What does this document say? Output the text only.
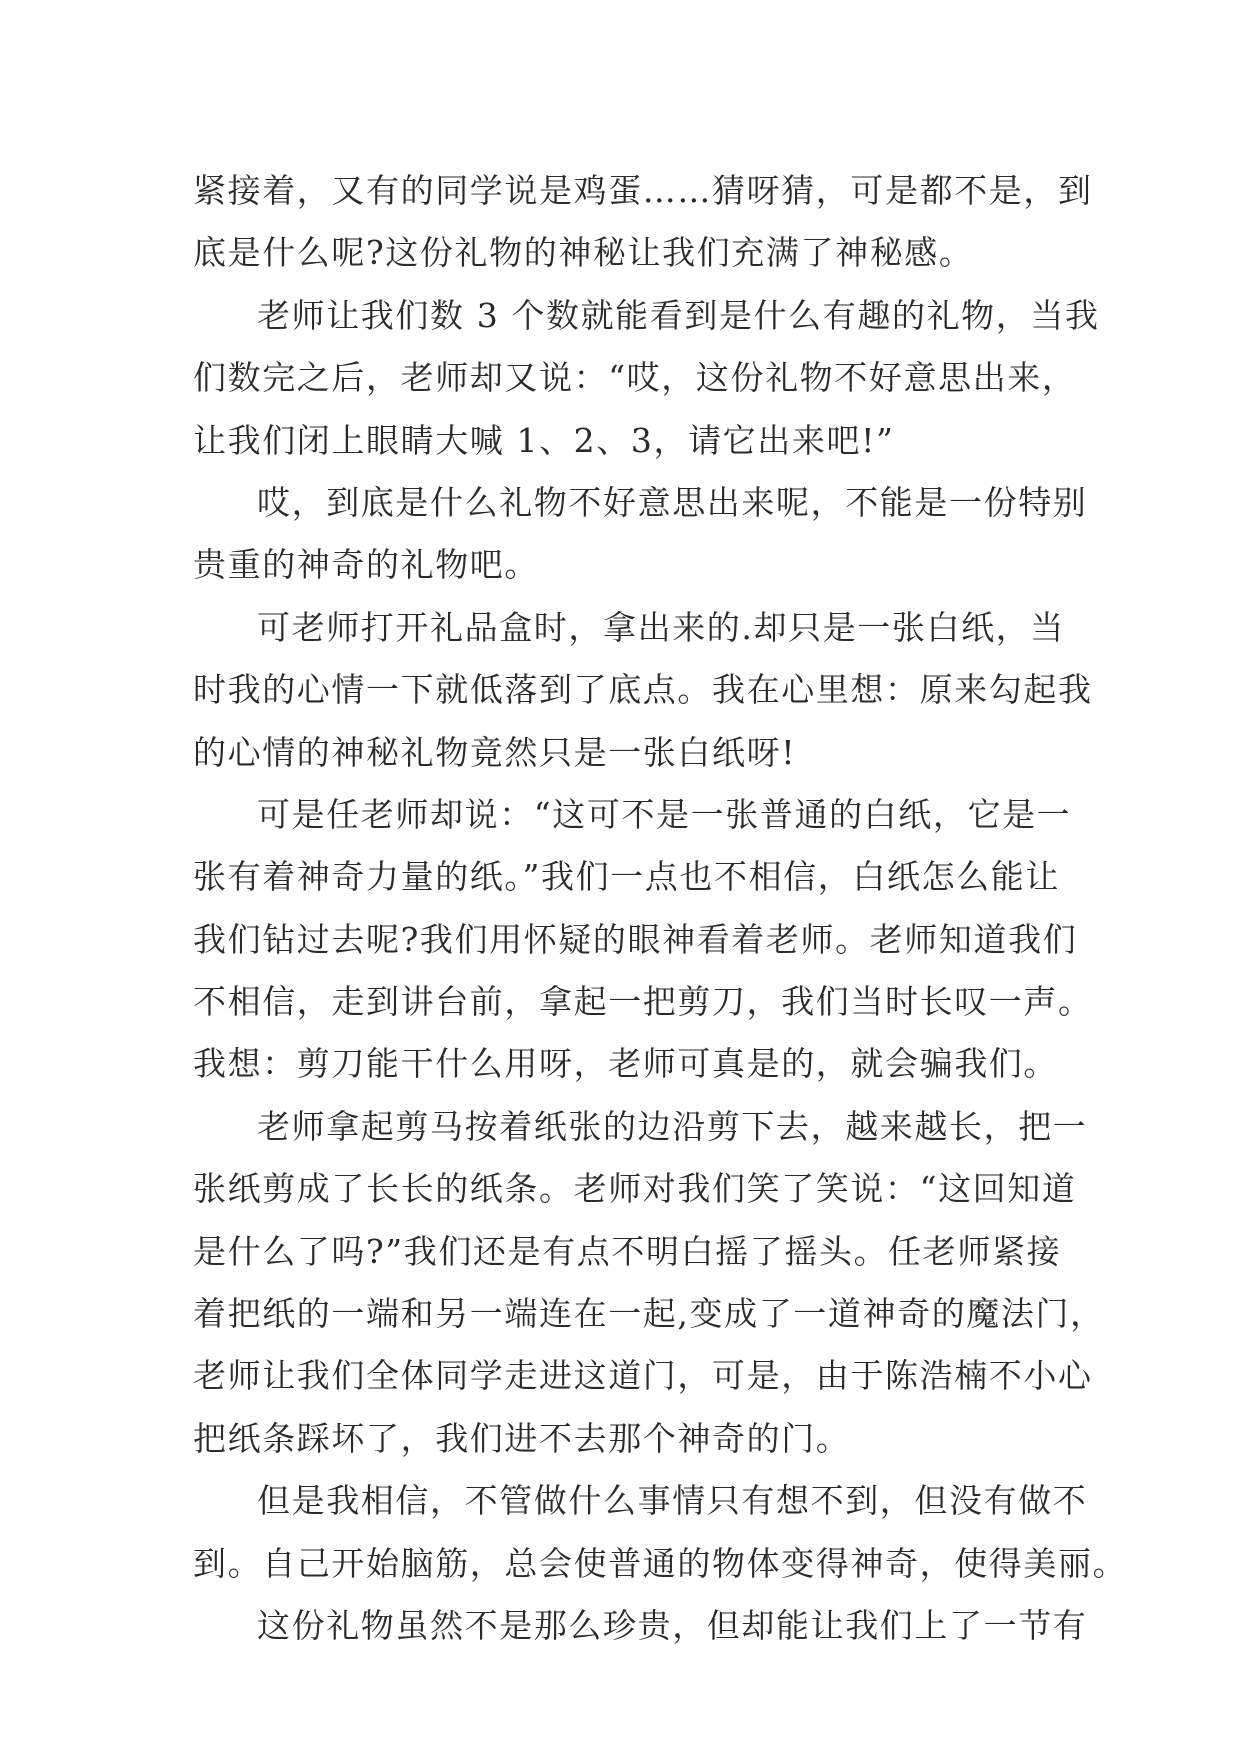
紧接着，又有的同学说是鸡蛋……猜呀猜，可是都不是，到
底是什么呢?这份礼物的神秘让我们充满了神秘感。
老师让我们数 3 个数就能看到是什么有趣的礼物，当我
们数完之后，老师却又说：“哎，这份礼物不好意思出来，
让我们闭上眼睛大喊 1、2、3，请它出来吧!”
哎，到底是什么礼物不好意思出来呢，不能是一份特别
贵重的神奇的礼物吧。
可老师打开礼品盒时，拿出来的.却只是一张白纸，当
时我的心情一下就低落到了底点。我在心里想：原来勾起我
的心情的神秘礼物竟然只是一张白纸呀!
可是任老师却说：“这可不是一张普通的白纸，它是一
张有着神奇力量的纸。”我们一点也不相信，白纸怎么能让
我们钻过去呢?我们用怀疑的眼神看着老师。老师知道我们
不相信，走到讲台前，拿起一把剪刀，我们当时长叹一声。
我想：剪刀能干什么用呀，老师可真是的，就会骗我们。
老师拿起剪马按着纸张的边沿剪下去，越来越长，把一
张纸剪成了长长的纸条。老师对我们笑了笑说：“这回知道
是什么了吗?”我们还是有点不明白摇了摇头。任老师紧接
着把纸的一端和另一端连在一起,变成了一道神奇的魔法门，
老师让我们全体同学走进这道门，可是，由于陈浩楠不小心
把纸条踩坏了，我们进不去那个神奇的门。
但是我相信，不管做什么事情只有想不到，但没有做不
到。自己开始脑筋，总会使普通的物体变得神奇，使得美丽。
这份礼物虽然不是那么珍贵，但却能让我们上了一节有
